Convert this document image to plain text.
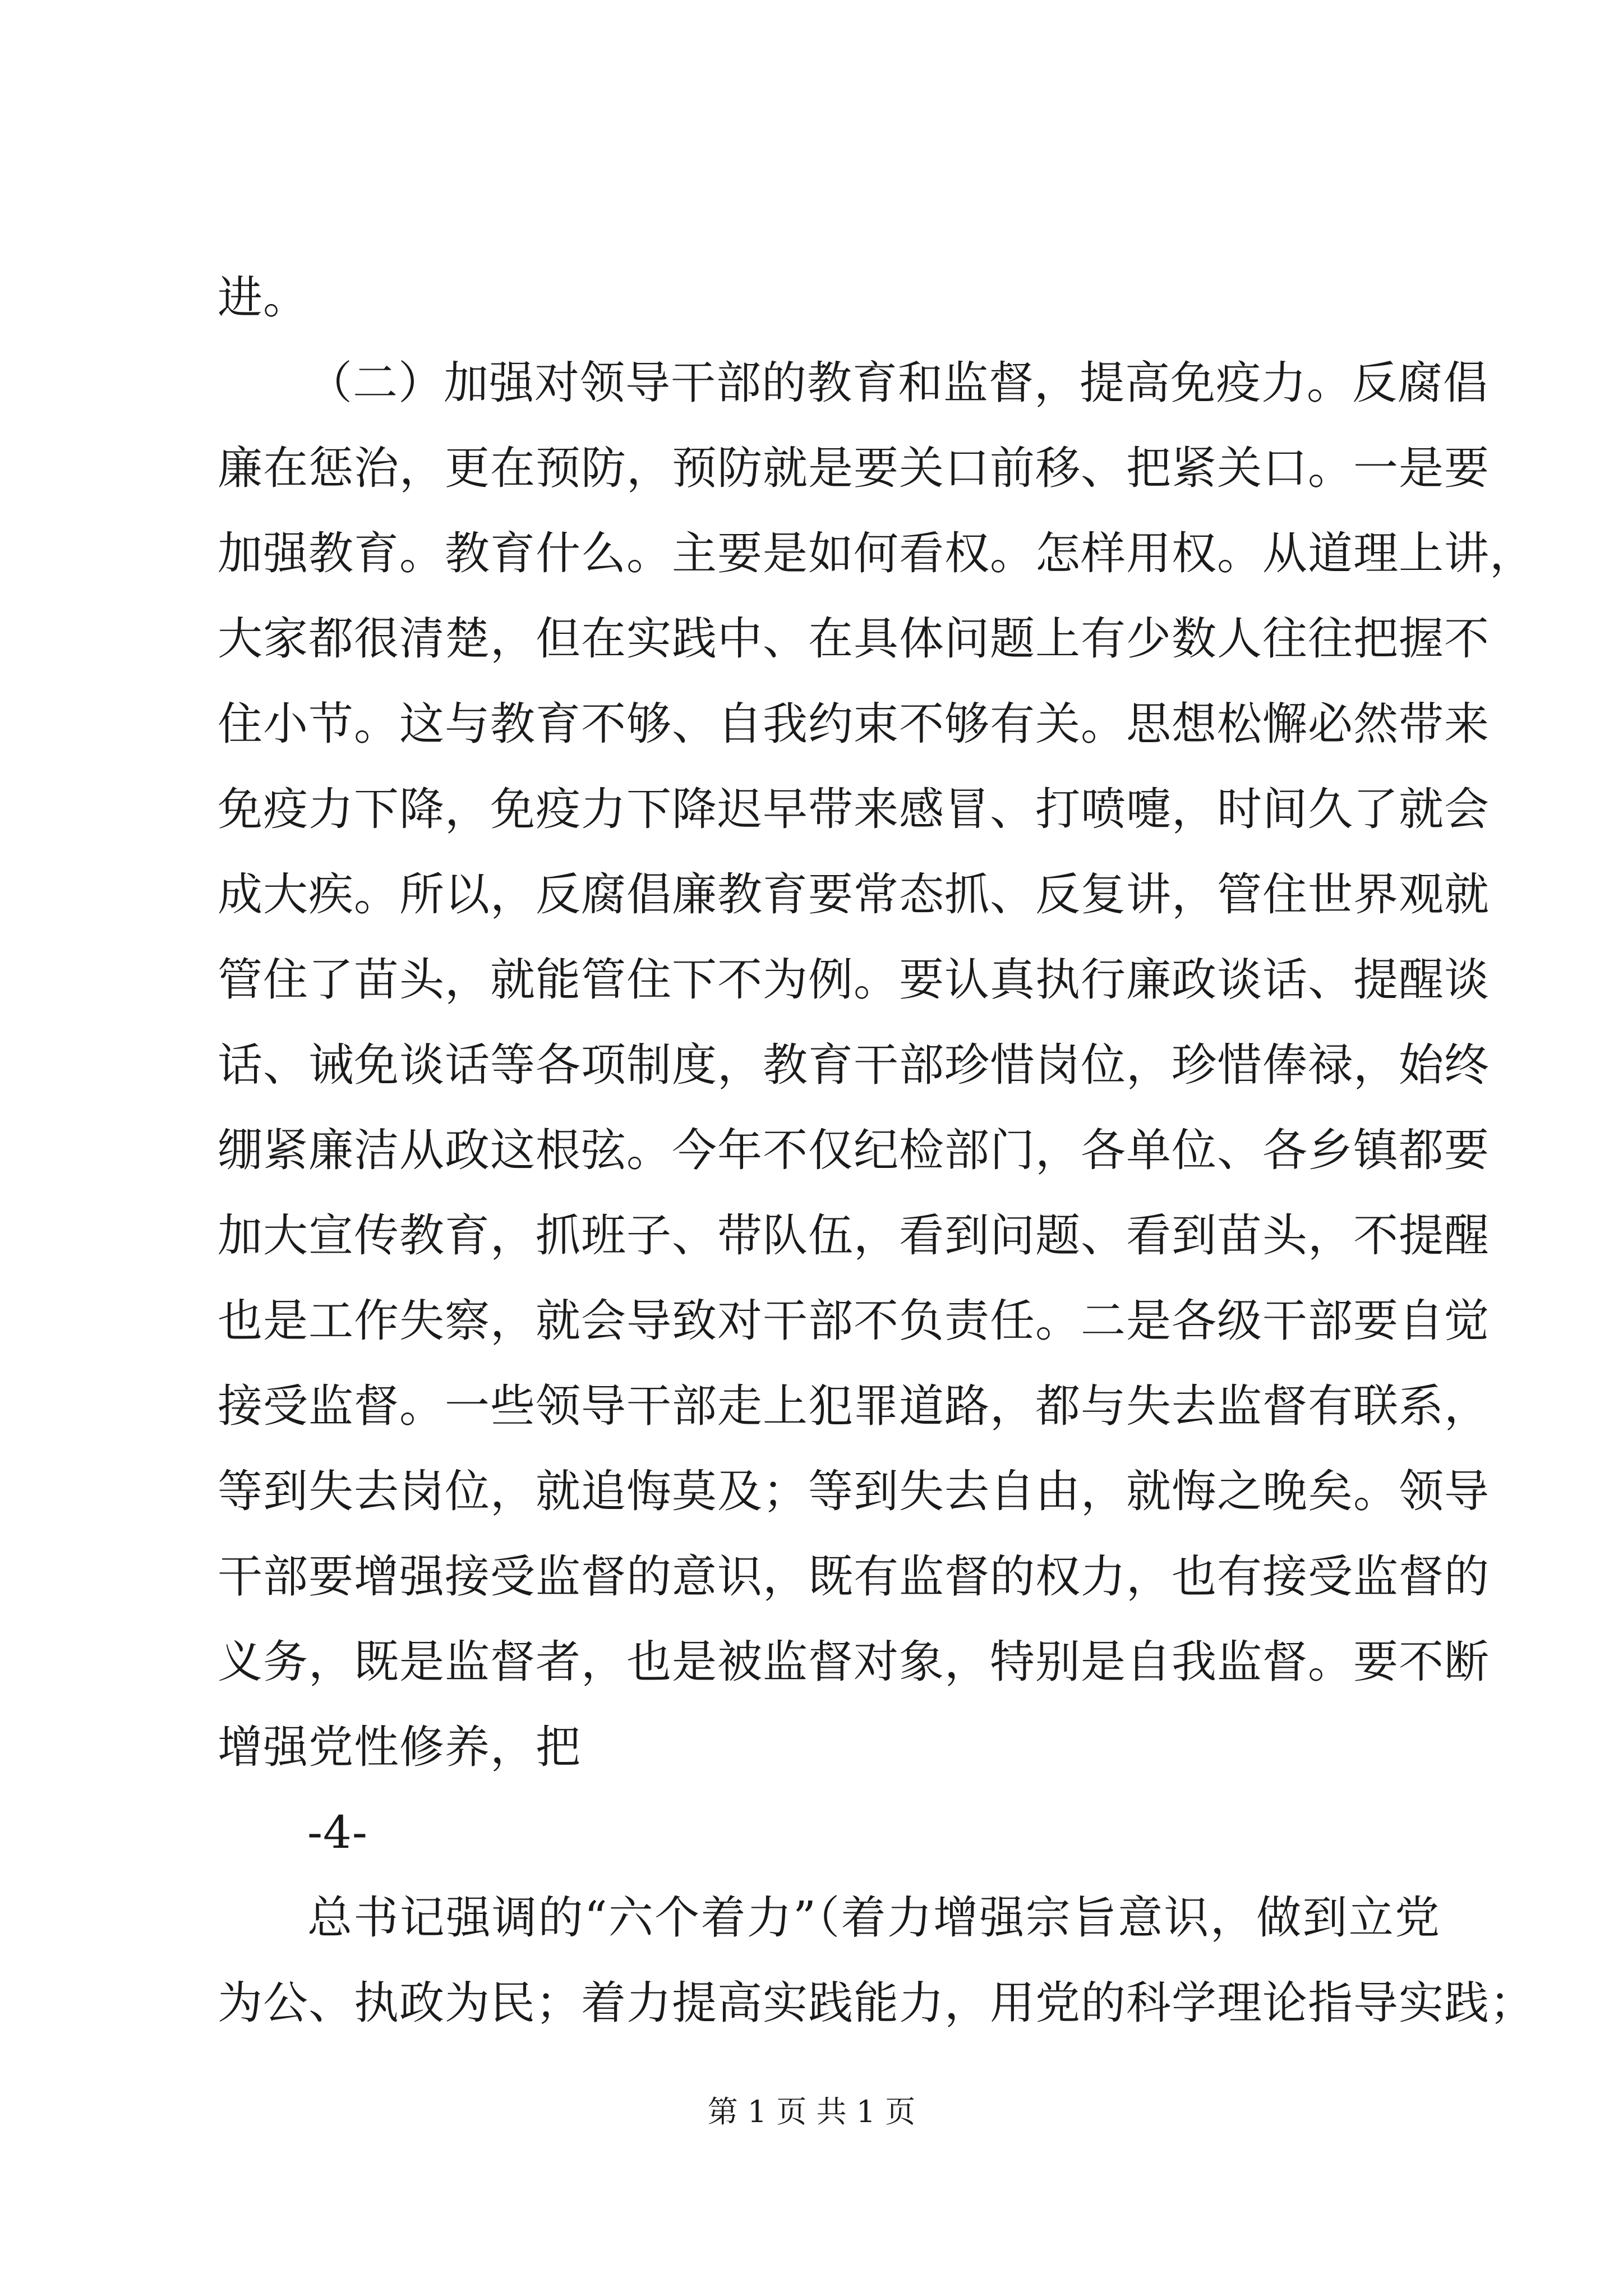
进。
（二）加强对领导干部的教育和监督，提高免疫力。反腐倡
廉在惩治，更在预防，预防就是要关口前移、把紧关口。一是要
加强教育。教育什么。主要是如何看权。怎样用权。从道理上讲，
大家都很清楚，但在实践中、在具体问题上有少数人往往把握不
住小节。这与教育不够、自我约束不够有关。思想松懈必然带来
免疫力下降，免疫力下降迟早带来感冒、打喷嚏，时间久了就会
成大疾。所以，反腐倡廉教育要常态抓、反复讲，管住世界观就
管住了苗头，就能管住下不为例。要认真执行廉政谈话、提醒谈
话、诫免谈话等各项制度，教育干部珍惜岗位，珍惜俸禄，始终
绷紧廉洁从政这根弦。今年不仅纪检部门，各单位、各乡镇都要
加大宣传教育，抓班子、带队伍，看到问题、看到苗头，不提醒
也是工作失察，就会导致对干部不负责任。二是各级干部要自觉
接受监督。一些领导干部走上犯罪道路，都与失去监督有联系，
等到失去岗位，就追悔莫及；等到失去自由，就悔之晚矣。领导
干部要增强接受监督的意识，既有监督的权力，也有接受监督的
义务，既是监督者，也是被监督对象，特别是自我监督。要不断
增强党性修养，把
-4-
总书记强调的“六个着力”（着力增强宗旨意识，做到立党
为公、执政为民；着力提高实践能力，用党的科学理论指导实践；
第 1 页 共 1 页
